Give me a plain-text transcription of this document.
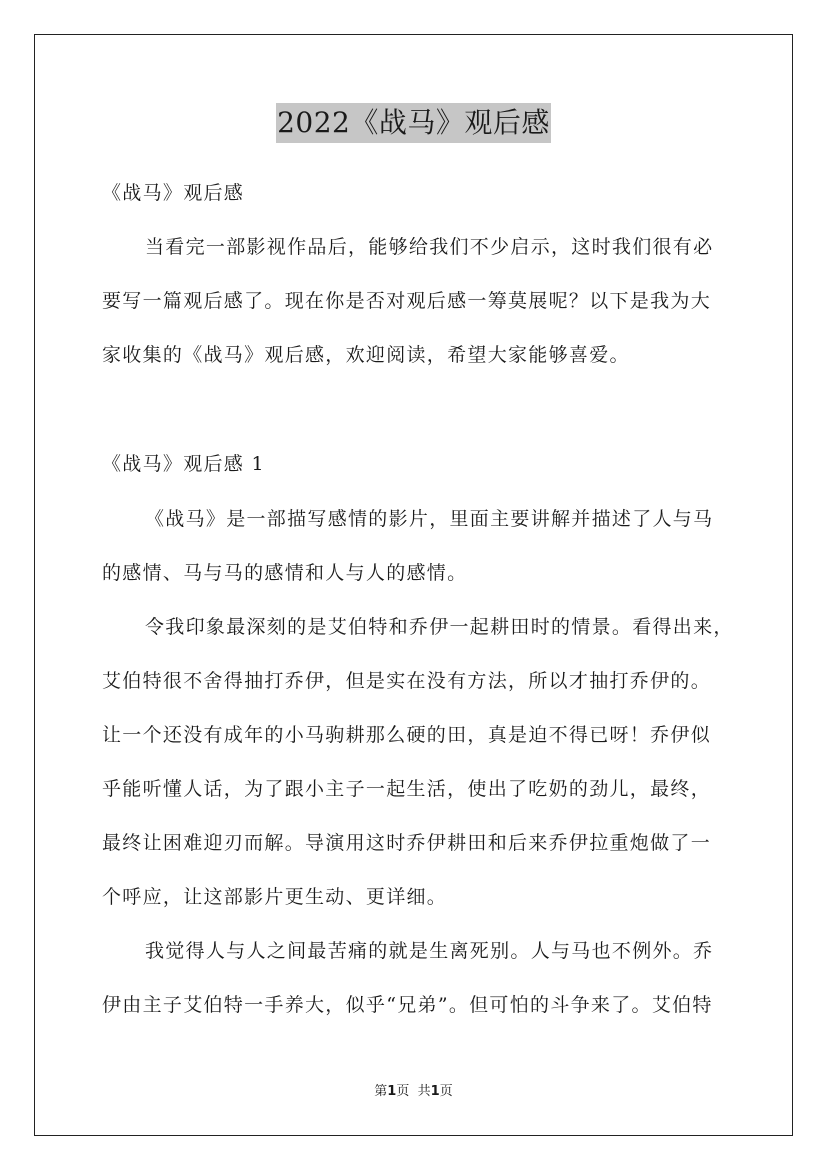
2022《战马》观后感
《战马》观后感
当看完一部影视作品后，能够给我们不少启示，这时我们很有必
要写一篇观后感了。现在你是否对观后感一筹莫展呢？以下是我为大
家收集的《战马》观后感，欢迎阅读，希望大家能够喜爱。
《战马》观后感 1
《战马》是一部描写感情的影片，里面主要讲解并描述了人与马
的感情、马与马的感情和人与人的感情。
令我印象最深刻的是艾伯特和乔伊一起耕田时的情景。看得出来，
艾伯特很不舍得抽打乔伊，但是实在没有方法，所以才抽打乔伊的。
让一个还没有成年的小马驹耕那么硬的田，真是迫不得已呀！乔伊似
乎能听懂人话，为了跟小主子一起生活，使出了吃奶的劲儿，最终，
最终让困难迎刃而解。导演用这时乔伊耕田和后来乔伊拉重炮做了一
个呼应，让这部影片更生动、更详细。
我觉得人与人之间最苦痛的就是生离死别。人与马也不例外。乔
伊由主子艾伯特一手养大，似乎“兄弟”。但可怕的斗争来了。艾伯特
第1页 共1页
